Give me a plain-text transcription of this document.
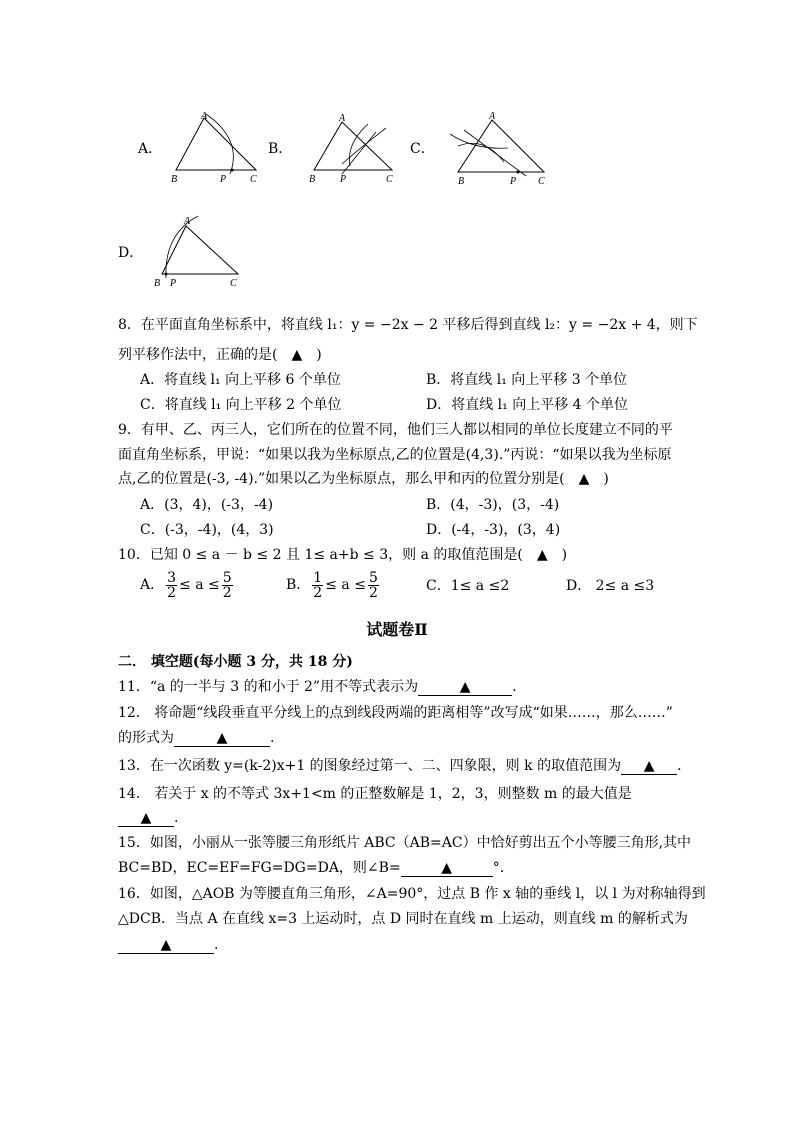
A．
A
B	P C
B．
A
B P	C
C．
A
B	P C
D．
A
B P	C
8．在平面直角坐标系中，将直线 l₁：y = −2x − 2 平移后得到直线 l₂：y = −2x + 4，则下
列平移作法中，正确的是(　▲　)
A．将直线 l₁ 向上平移 6 个单位	B．将直线 l₁ 向上平移 3 个单位
C．将直线 l₁ 向上平移 2 个单位	D．将直线 l₁ 向上平移 4 个单位
9．有甲、乙、丙三人，它们所在的位置不同，他们三人都以相同的单位长度建立不同的平
面直角坐标系，甲说：“如果以我为坐标原点,乙的位置是(4,3).”丙说：“如果以我为坐标原
点,乙的位置是(-3, -4).”如果以乙为坐标原点，那么甲和丙的位置分别是(　▲　)
A．(3，4)，(-3，-4)	B．(4，-3)，(3，-4)
C．(-3，-4)，(4，3)	D．(-4，-3)，(3，4)
10．已知 0 ≤ a － b ≤ 2 且 1≤ a+b ≤ 3，则 a 的取值范围是(　▲　)
A． $\frac{3}{2} \le a \le \frac{5}{2}$	B． $\frac{1}{2} \le a \le \frac{5}{2}$	C．1≤ a ≤2	D． 2≤ a ≤3
试题卷Ⅱ
二． 填空题(每小题 3 分，共 18 分)
11．“a 的一半与 3 的和小于 2”用不等式表示为	▲	.
12． 将命题“线段垂直平分线上的点到线段两端的距离相等”改写成“如果……，那么……”
的形式为	▲	.
13．在一次函数 y=(k-2)x+1 的图象经过第一、二、四象限，则 k 的取值范围为 ▲ .
14． 若关于 x 的不等式 3x+1<m 的正整数解是 1，2，3，则整数 m 的最大值是
▲ .
15．如图，小丽从一张等腰三角形纸片 ABC（AB=AC）中恰好剪出五个小等腰三角形,其中
BC=BD，EC=EF=FG=DG=DA，则∠B=	▲	°.
16．如图，△AOB 为等腰直角三角形，∠A=90°，过点 B 作 x 轴的垂线 l，以 l 为对称轴得到
△DCB．当点 A 在直线 x=3 上运动时，点 D 同时在直线 m 上运动，则直线 m 的解析式为
▲	.
